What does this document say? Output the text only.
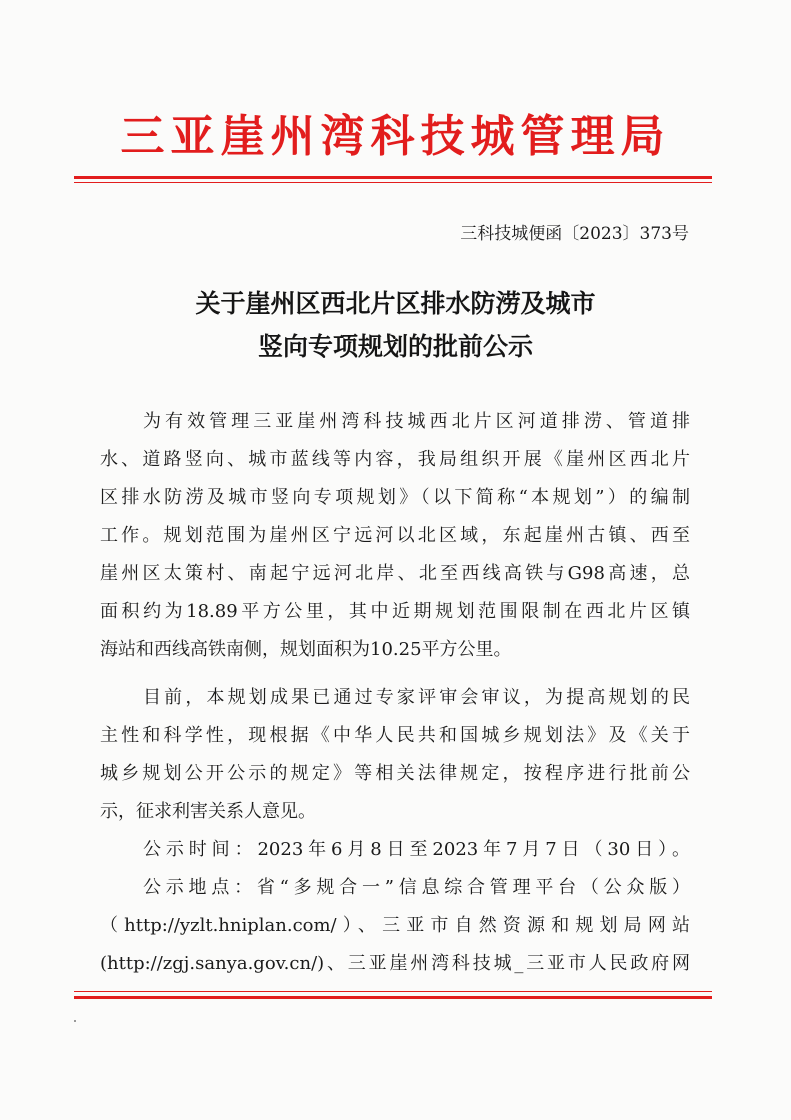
三亚崖州湾科技城管理局
三科技城便函〔2023〕373号
关于崖州区西北片区排水防涝及城市
竖向专项规划的批前公示
为有效管理三亚崖州湾科技城西北片区河道排涝、管道排
水、道路竖向、城市蓝线等内容，我局组织开展《崖州区西北片
区排水防涝及城市竖向专项规划》（以下简称“本规划”）的编制
工作。规划范围为崖州区宁远河以北区域，东起崖州古镇、西至
崖州区太策村、南起宁远河北岸、北至西线高铁与G98高速，总
面积约为18.89平方公里，其中近期规划范围限制在西北片区镇
海站和西线高铁南侧，规划面积为10.25平方公里。
目前，本规划成果已通过专家评审会审议，为提高规划的民
主性和科学性，现根据《中华人民共和国城乡规划法》及《关于
城乡规划公开公示的规定》等相关法律规定，按程序进行批前公
示，征求利害关系人意见。
公示时间：2023年6月8日至2023年7月7日（30日）。
公示地点：省“多规合一”信息综合管理平台（公众版）
（http://yzlt.hniplan.com/）、三亚市自然资源和规划局网站
(http://zgj.sanya.gov.cn/)、三亚崖州湾科技城_三亚市人民政府网
